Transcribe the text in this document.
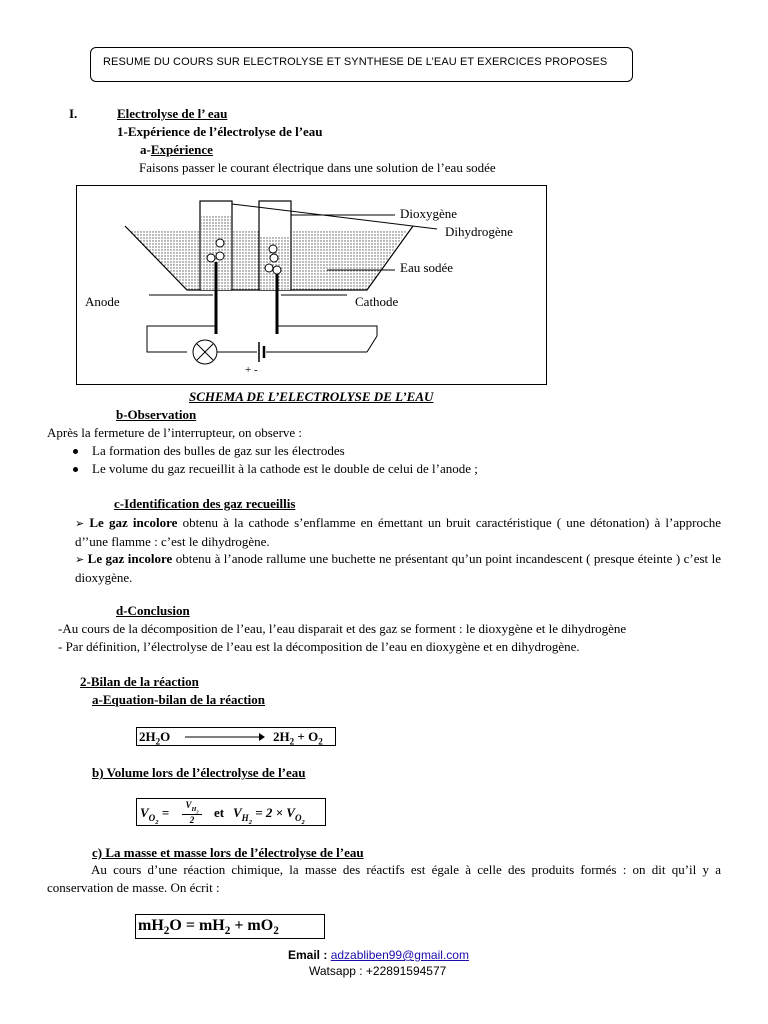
RESUME DU COURS SUR ELECTROLYSE ET SYNTHESE DE L’EAU ET EXERCICES PROPOSES
I.	Electrolyse de l’ eau
1-Expérience de l’électrolyse de l’eau
a-Expérience
Faisons passer le courant électrique dans une solution de l’eau sodée
Dioxygène
Dihydrogène
Eau sodée
Anode	Cathode
+ -
SCHEMA DE L’ELECTROLYSE DE L’EAU
b-Observation
Après la fermeture de l’interrupteur, on observe :
La formation des bulles de gaz sur les électrodes
Le volume du gaz recueillit à la cathode est le double de celui de l’anode ;
c-Identification des gaz recueillis
➢ Le gaz incolore obtenu à la cathode s’enflamme en émettant un bruit caractéristique ( une détonation) à l’approche d’’une flamme : c’est le dihydrogène.
➢ Le gaz incolore obtenu à l’anode rallume une buchette ne présentant qu’un point incandescent ( presque éteinte ) c’est le dioxygène.
d-Conclusion
-Au cours de la décomposition de l’eau, l’eau disparait et des gaz se forment : le dioxygène et le dihydrogène
- Par définition, l’électrolyse de l’eau est la décomposition de l’eau en dioxygène et en dihydrogène.
2-Bilan de la réaction
a-Equation-bilan de la réaction
$2H_2O$	$2H_2 + O_2$
b) Volume lors de l’électrolyse de l’eau
$V_{O_2}$ =	$V_{H_2}$
2
et $V_{H_2} = 2 \times V_{O_2}$
c) La masse et masse lors de l’électrolyse de l’eau
Au cours d’une réaction chimique, la masse des réactifs est égale à celle des produits formés : on dit qu’il y a conservation de masse. On écrit :
$mH_2O = mH_2 + mO_2$
Email : adzabliben99@gmail.com
Watsapp : +22891594577
